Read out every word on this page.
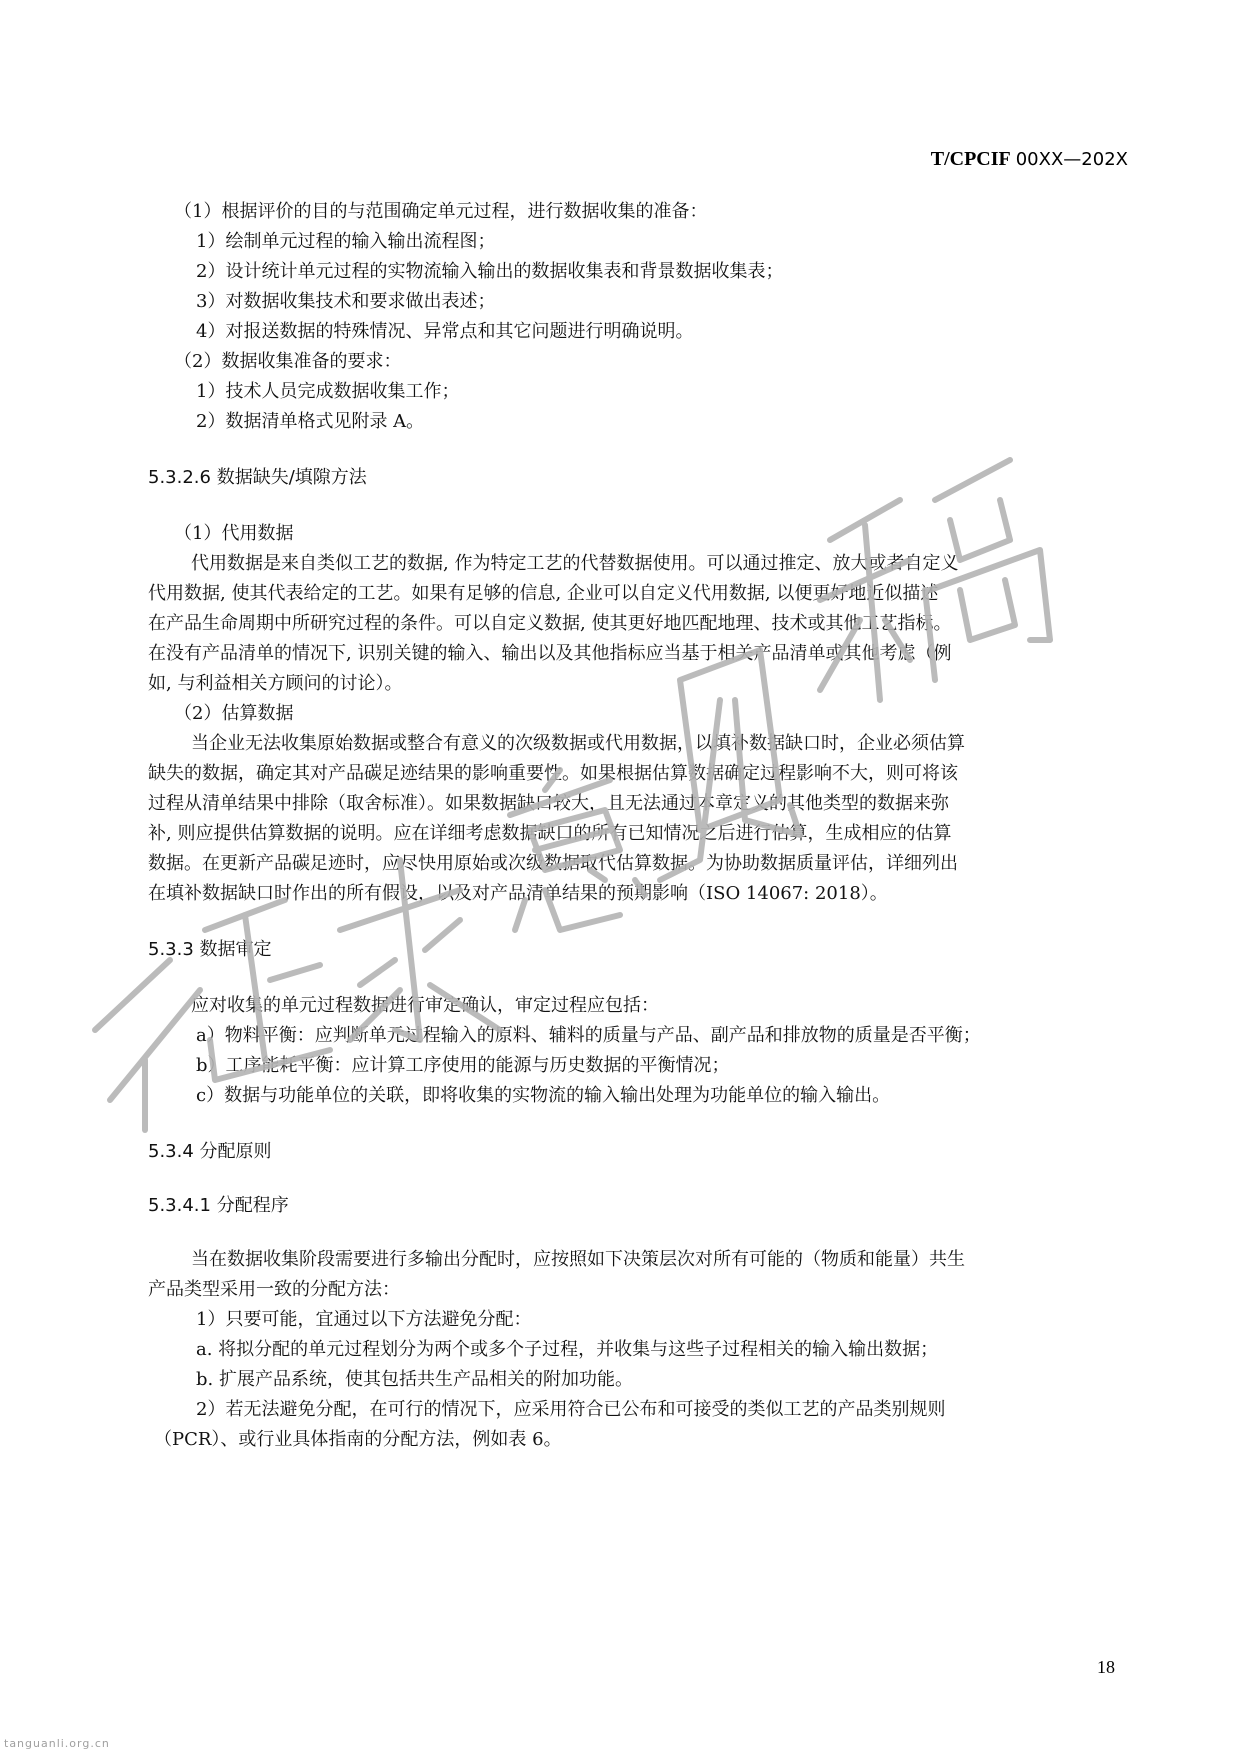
T/CPCIF 00XX—202X
（1）根据评价的目的与范围确定单元过程，进行数据收集的准备：
1）绘制单元过程的输入输出流程图；
2）设计统计单元过程的实物流输入输出的数据收集表和背景数据收集表；
3）对数据收集技术和要求做出表述；
4）对报送数据的特殊情况、异常点和其它问题进行明确说明。
（2）数据收集准备的要求：
1）技术人员完成数据收集工作；
2）数据清单格式见附录 A。
5.3.2.6 数据缺失/填隙方法
（1）代用数据
代用数据是来自类似工艺的数据, 作为特定工艺的代替数据使用。可以通过推定、放大或者自定义
代用数据, 使其代表给定的工艺。如果有足够的信息, 企业可以自定义代用数据, 以便更好地近似描述
在产品生命周期中所研究过程的条件。可以自定义数据, 使其更好地匹配地理、技术或其他工艺指标。
在没有产品清单的情况下, 识别关键的输入、输出以及其他指标应当基于相关产品清单或其他考虑（例
如, 与利益相关方顾问的讨论）。
（2）估算数据
当企业无法收集原始数据或整合有意义的次级数据或代用数据，以填补数据缺口时，企业必须估算
缺失的数据，确定其对产品碳足迹结果的影响重要性。如果根据估算数据确定过程影响不大，则可将该
过程从清单结果中排除（取舍标准）。如果数据缺口较大，且无法通过本章定义的其他类型的数据来弥
补, 则应提供估算数据的说明。应在详细考虑数据缺口的所有已知情况之后进行估算，生成相应的估算
数据。在更新产品碳足迹时，应尽快用原始或次级数据取代估算数据。为协助数据质量评估，详细列出
在填补数据缺口时作出的所有假设，以及对产品清单结果的预期影响（ISO 14067: 2018）。
5.3.3 数据审定
应对收集的单元过程数据进行审定确认，审定过程应包括：
a）物料平衡：应判断单元过程输入的原料、辅料的质量与产品、副产品和排放物的质量是否平衡；
b）工序能耗平衡：应计算工序使用的能源与历史数据的平衡情况；
c）数据与功能单位的关联，即将收集的实物流的输入输出处理为功能单位的输入输出。
5.3.4 分配原则
5.3.4.1 分配程序
当在数据收集阶段需要进行多输出分配时，应按照如下决策层次对所有可能的（物质和能量）共生
产品类型采用一致的分配方法：
1）只要可能，宜通过以下方法避免分配：
a. 将拟分配的单元过程划分为两个或多个子过程，并收集与这些子过程相关的输入输出数据；
b. 扩展产品系统，使其包括共生产品相关的附加功能。
2）若无法避免分配，在可行的情况下，应采用符合已公布和可接受的类似工艺的产品类别规则
（PCR）、或行业具体指南的分配方法，例如表 6。
18
tanguanli.org.cn
